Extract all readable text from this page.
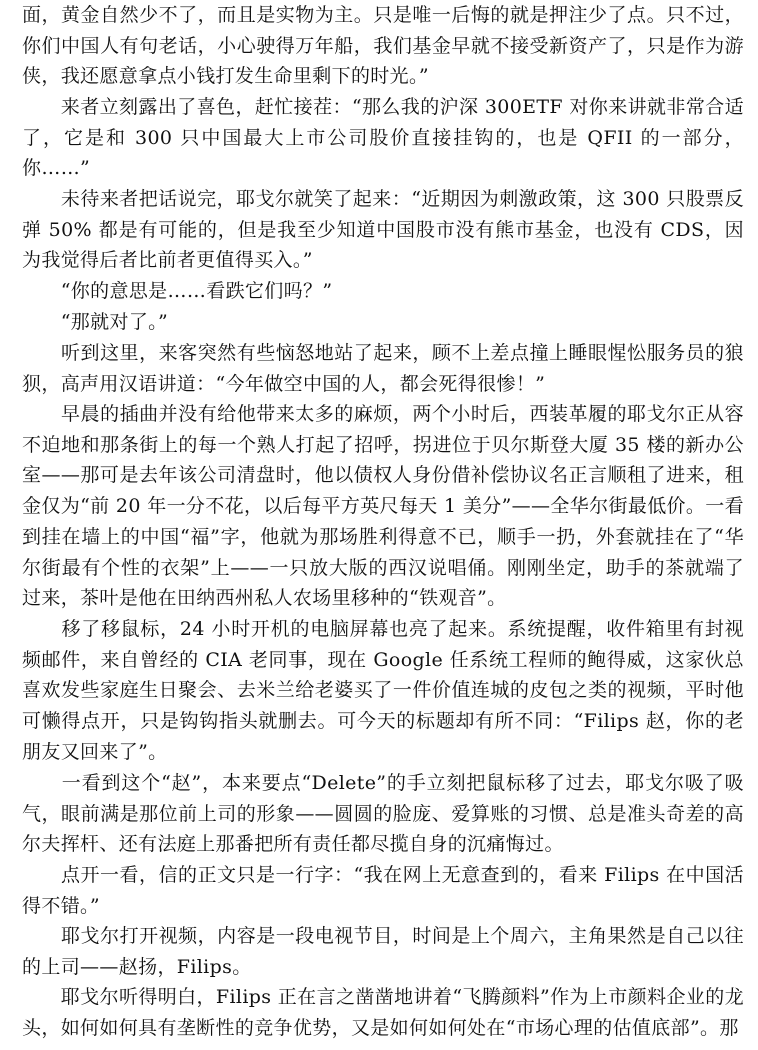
面，黄金自然少不了，而且是实物为主。只是唯一后悔的就是押注少了点。只不过，你们中国人有句老话，小心驶得万年船，我们基金早就不接受新资产了，只是作为游侠，我还愿意拿点小钱打发生命里剩下的时光。”

　　来者立刻露出了喜色，赶忙接茬：“那么我的沪深 300ETF 对你来讲就非常合适了，它是和 300 只中国最大上市公司股价直接挂钩的，也是 QFII 的一部分，你……”

　　未待来者把话说完，耶戈尔就笑了起来：“近期因为刺激政策，这 300 只股票反弹 50% 都是有可能的，但是我至少知道中国股市没有熊市基金，也没有 CDS，因为我觉得后者比前者更值得买入。”

　　“你的意思是……看跌它们吗？”

　　“那就对了。”

　　听到这里，来客突然有些恼怒地站了起来，顾不上差点撞上睡眼惺忪服务员的狼狈，高声用汉语讲道：“今年做空中国的人，都会死得很惨！”

　　早晨的插曲并没有给他带来太多的麻烦，两个小时后，西装革履的耶戈尔正从容不迫地和那条街上的每一个熟人打起了招呼，拐进位于贝尔斯登大厦 35 楼的新办公室——那可是去年该公司清盘时，他以债权人身份借补偿协议名正言顺租了进来，租金仅为“前 20 年一分不花，以后每平方英尺每天 1 美分”——全华尔街最低价。一看到挂在墙上的中国“福”字，他就为那场胜利得意不已，顺手一扔，外套就挂在了“华尔街最有个性的衣架”上——一只放大版的西汉说唱俑。刚刚坐定，助手的茶就端了过来，茶叶是他在田纳西州私人农场里移种的“铁观音”。

　　移了移鼠标，24 小时开机的电脑屏幕也亮了起来。系统提醒，收件箱里有封视频邮件，来自曾经的 CIA 老同事，现在 Google 任系统工程师的鲍得威，这家伙总喜欢发些家庭生日聚会、去米兰给老婆买了一件价值连城的皮包之类的视频，平时他可懒得点开，只是钩钩指头就删去。可今天的标题却有所不同：“Filips 赵，你的老朋友又回来了”。

　　一看到这个“赵”，本来要点“Delete”的手立刻把鼠标移了过去，耶戈尔吸了吸气，眼前满是那位前上司的形象——圆圆的脸庞、爱算账的习惯、总是准头奇差的高尔夫挥杆、还有法庭上那番把所有责任都尽揽自身的沉痛悔过。

　　点开一看，信的正文只是一行字：“我在网上无意查到的，看来 Filips 在中国活得不错。”

　　耶戈尔打开视频，内容是一段电视节目，时间是上个周六，主角果然是自己以往的上司——赵扬，Filips。

　　耶戈尔听得明白，Filips 正在言之凿凿地讲着“飞腾颜料”作为上市颜料企业的龙头，如何如何具有垄断性的竞争优势，又是如何如何处在“市场心理的估值底部”。那
